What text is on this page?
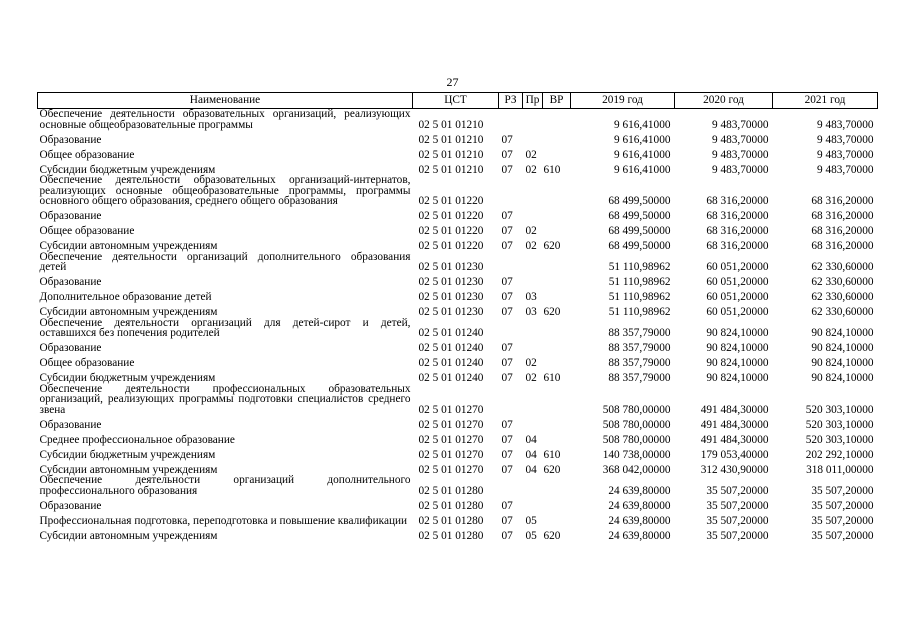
27
Наименование	ЦСТ	РЗ	Пр	ВР	2019 год	2020 год	2021 год
Обеспечение деятельности образовательных организаций, реализующих основные общеобразовательные программы	02 5 01 01210				9 616,41000	9 483,70000	9 483,70000
Образование	02 5 01 01210	07			9 616,41000	9 483,70000	9 483,70000
Общее образование	02 5 01 01210	07	02		9 616,41000	9 483,70000	9 483,70000
Субсидии бюджетным учреждениям	02 5 01 01210	07	02	610	9 616,41000	9 483,70000	9 483,70000
Обеспечение деятельности образовательных организаций-интернатов, реализующих основные общеобразовательные программы, программы основного общего образования, среднего общего образования	02 5 01 01220				68 499,50000	68 316,20000	68 316,20000
Образование	02 5 01 01220	07			68 499,50000	68 316,20000	68 316,20000
Общее образование	02 5 01 01220	07	02		68 499,50000	68 316,20000	68 316,20000
Субсидии автономным учреждениям	02 5 01 01220	07	02	620	68 499,50000	68 316,20000	68 316,20000
Обеспечение деятельности организаций дополнительного образования детей	02 5 01 01230				51 110,98962	60 051,20000	62 330,60000
Образование	02 5 01 01230	07			51 110,98962	60 051,20000	62 330,60000
Дополнительное образование детей	02 5 01 01230	07	03		51 110,98962	60 051,20000	62 330,60000
Субсидии автономным учреждениям	02 5 01 01230	07	03	620	51 110,98962	60 051,20000	62 330,60000
Обеспечение деятельности организаций для детей-сирот и детей, оставшихся без попечения родителей	02 5 01 01240				88 357,79000	90 824,10000	90 824,10000
Образование	02 5 01 01240	07			88 357,79000	90 824,10000	90 824,10000
Общее образование	02 5 01 01240	07	02		88 357,79000	90 824,10000	90 824,10000
Субсидии бюджетным учреждениям	02 5 01 01240	07	02	610	88 357,79000	90 824,10000	90 824,10000
Обеспечение деятельности профессиональных образовательных организаций, реализующих программы подготовки специалистов среднего звена	02 5 01 01270				508 780,00000	491 484,30000	520 303,10000
Образование	02 5 01 01270	07			508 780,00000	491 484,30000	520 303,10000
Среднее профессиональное образование	02 5 01 01270	07	04		508 780,00000	491 484,30000	520 303,10000
Субсидии бюджетным учреждениям	02 5 01 01270	07	04	610	140 738,00000	179 053,40000	202 292,10000
Субсидии автономным учреждениям	02 5 01 01270	07	04	620	368 042,00000	312 430,90000	318 011,00000
Обеспечение деятельности организаций дополнительного профессионального образования	02 5 01 01280				24 639,80000	35 507,20000	35 507,20000
Образование	02 5 01 01280	07			24 639,80000	35 507,20000	35 507,20000
Профессиональная подготовка, переподготовка и повышение квалификации	02 5 01 01280	07	05		24 639,80000	35 507,20000	35 507,20000
Субсидии автономным учреждениям	02 5 01 01280	07	05	620	24 639,80000	35 507,20000	35 507,20000
